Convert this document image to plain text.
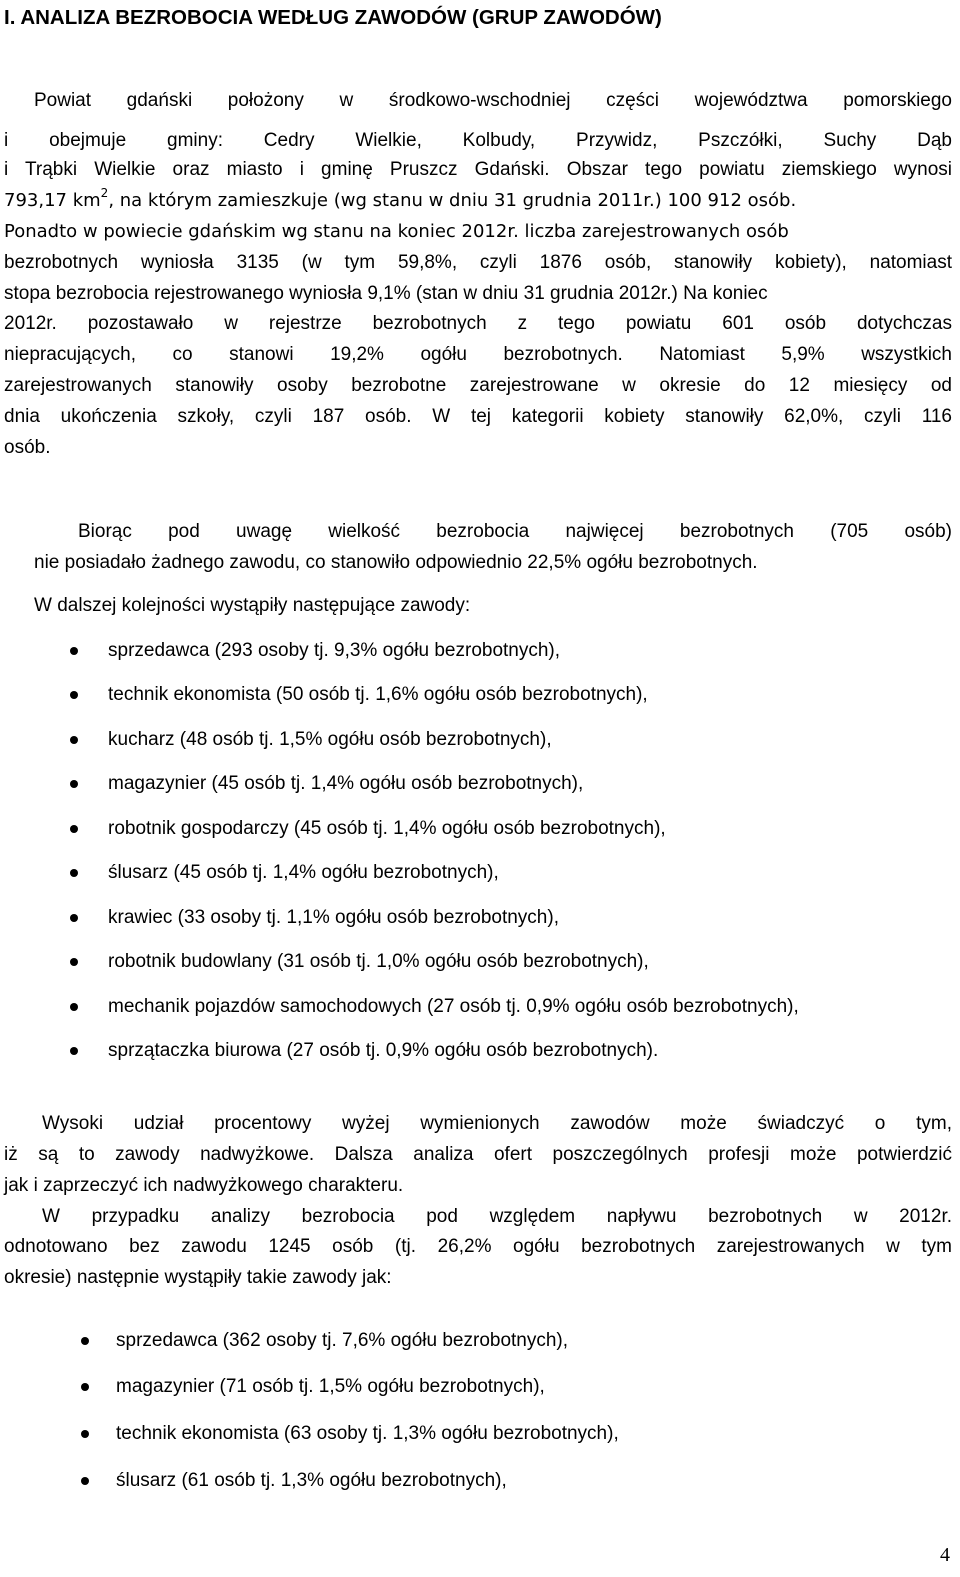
I. ANALIZA BEZROBOCIA WEDŁUG ZAWODÓW (GRUP ZAWODÓW)
Powiat gdański położony w środkowo-wschodniej części województwa pomorskiego
i obejmuje gminy: Cedry Wielkie, Kolbudy, Przywidz, Pszczółki, Suchy Dąb
i Trąbki Wielkie oraz miasto i gminę Pruszcz Gdański. Obszar tego powiatu ziemskiego wynosi
793,17 $km^2$, na którym zamieszkuje (wg stanu w dniu 31 grudnia 2011r.) 100 912 osób.
Ponadto w powiecie gdańskim wg stanu na koniec 2012r. liczba zarejestrowanych osób
bezrobotnych wyniosła 3135 (w tym 59,8%, czyli 1876 osób, stanowiły kobiety), natomiast
stopa bezrobocia rejestrowanego wyniosła 9,1% (stan w dniu 31 grudnia 2012r.) Na koniec
2012r. pozostawało w rejestrze bezrobotnych z tego powiatu 601 osób dotychczas
niepracujących, co stanowi 19,2% ogółu bezrobotnych. Natomiast 5,9% wszystkich
zarejestrowanych stanowiły osoby bezrobotne zarejestrowane w okresie do 12 miesięcy od
dnia ukończenia szkoły, czyli 187 osób. W tej kategorii kobiety stanowiły 62,0%, czyli 116
osób.
Biorąc pod uwagę wielkość bezrobocia najwięcej bezrobotnych (705 osób)
nie posiadało żadnego zawodu, co stanowiło odpowiednio 22,5% ogółu bezrobotnych.
W dalszej kolejności wystąpiły następujące zawody:
sprzedawca (293 osoby tj. 9,3% ogółu bezrobotnych),
technik ekonomista (50 osób tj. 1,6% ogółu osób bezrobotnych),
kucharz (48 osób tj. 1,5% ogółu osób bezrobotnych),
magazynier (45 osób tj. 1,4% ogółu osób bezrobotnych),
robotnik gospodarczy (45 osób tj. 1,4% ogółu osób bezrobotnych),
ślusarz (45 osób tj. 1,4% ogółu bezrobotnych),
krawiec (33 osoby tj. 1,1% ogółu osób bezrobotnych),
robotnik budowlany (31 osób tj. 1,0% ogółu osób bezrobotnych),
mechanik pojazdów samochodowych (27 osób tj. 0,9% ogółu osób bezrobotnych),
sprzątaczka biurowa (27 osób tj. 0,9% ogółu osób bezrobotnych).
Wysoki udział procentowy wyżej wymienionych zawodów może świadczyć o tym,
iż są to zawody nadwyżkowe. Dalsza analiza ofert poszczególnych profesji może potwierdzić
jak i zaprzeczyć ich nadwyżkowego charakteru.
W przypadku analizy bezrobocia pod względem napływu bezrobotnych w 2012r.
odnotowano bez zawodu 1245 osób (tj. 26,2% ogółu bezrobotnych zarejestrowanych w tym
okresie) następnie wystąpiły takie zawody jak:
sprzedawca (362 osoby tj. 7,6% ogółu bezrobotnych),
magazynier (71 osób tj. 1,5% ogółu bezrobotnych),
technik ekonomista (63 osoby tj. 1,3% ogółu bezrobotnych),
ślusarz (61 osób tj. 1,3% ogółu bezrobotnych),
4
